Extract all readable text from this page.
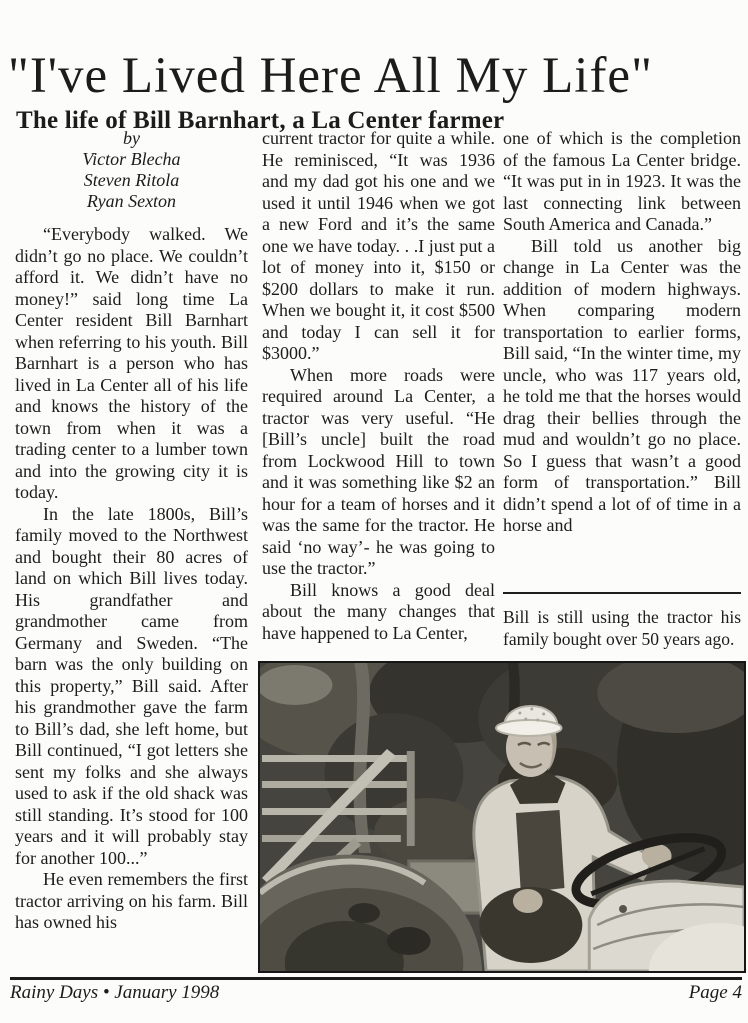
"I've Lived Here All My Life"
The life of Bill Barnhart, a La Center farmer
by
Victor Blecha
Steven Ritola
Ryan Sexton

“Everybody walked. We didn’t go no place. We couldn’t afford it. We didn’t have no money!” said long time La Center resident Bill Barnhart when referring to his youth. Bill Barnhart is a person who has lived in La Center all of his life and knows the history of the town from when it was a trading center to a lumber town and into the growing city it is today.

In the late 1800s, Bill’s family moved to the Northwest and bought their 80 acres of land on which Bill lives today. His grandfather and grandmother came from Germany and Sweden. “The barn was the only building on this property,” Bill said. After his grandmother gave the farm to Bill’s dad, she left home, but Bill continued, “I got letters she sent my folks and she always used to ask if the old shack was still standing. It’s stood for 100 years and it will probably stay for another 100...”

He even remembers the first tractor arriving on his farm. Bill has owned his

current tractor for quite a while. He reminisced, “It was 1936 and my dad got his one and we used it until 1946 when we got a new Ford and it’s the same one we have today. . .I just put a lot of money into it, $150 or $200 dollars to make it run. When we bought it, it cost $500 and today I can sell it for $3000.”

When more roads were required around La Center, a tractor was very useful. “He [Bill’s uncle] built the road from Lockwood Hill to town and it was something like $2 an hour for a team of horses and it was the same for the tractor. He said ‘no way’- he was going to use the tractor.”

Bill knows a good deal about the many changes that have happened to La Center,

one of which is the completion of the famous La Center bridge. “It was put in in 1923. It was the last connecting link between South America and Canada.”

Bill told us another big change in La Center was the addition of modern highways. When comparing modern transportation to earlier forms, Bill said, “In the winter time, my uncle, who was 117 years old, he told me that the horses would drag their bellies through the mud and wouldn’t go no place. So I guess that wasn’t a good form of transportation.” Bill didn’t spend a lot of of time in a horse and

Bill is still using the tractor his family bought over 50 years ago.

Rainy Days • January 1998	Page 4
